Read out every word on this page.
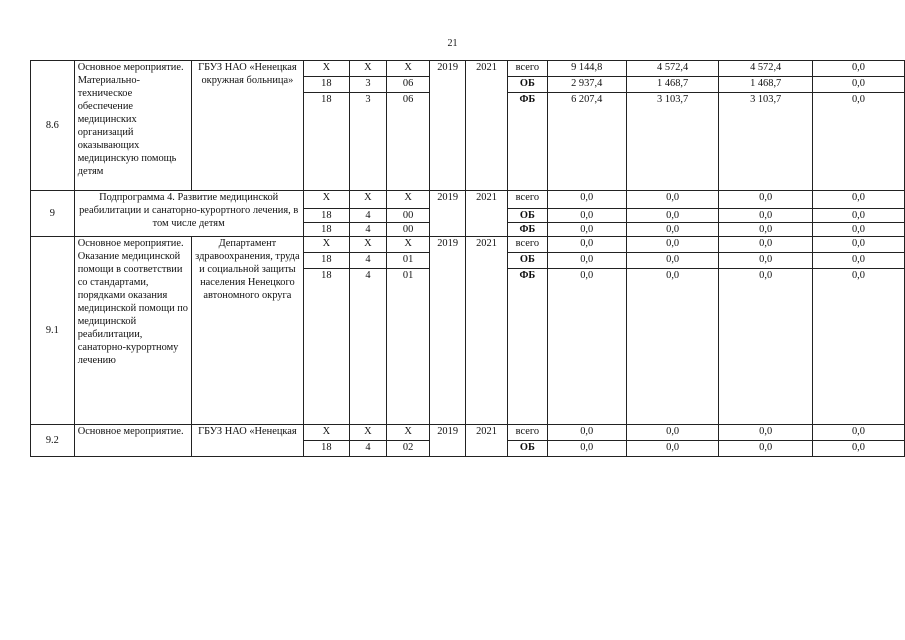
21
8.6	Основное мероприятие. Материально-техническое обеспечение медицинских организаций оказывающих медицинскую помощь детям	ГБУЗ НАО «Ненецкая окружная больница»	X	X	X	2019	2021	всего	9 144,8	4 572,4	4 572,4	0,0
			18	3	06			ОБ	2 937,4	1 468,7	1 468,7	0,0
			18	3	06			ФБ	6 207,4	3 103,7	3 103,7	0,0
9	Подпрограмма 4. Развитие медицинской реабилитации и санаторно-курортного лечения, в том числе детям		X	X	X	2019	2021	всего	0,0	0,0	0,0	0,0
			18	4	00			ОБ	0,0	0,0	0,0	0,0
			18	4	00			ФБ	0,0	0,0	0,0	0,0
9.1	Основное мероприятие. Оказание медицинской помощи в соответствии со стандартами, порядками оказания медицинской помощи по медицинской реабилитации, санаторно-курортному лечению	Департамент здравоохранения, труда и социальной защиты населения Ненецкого автономного округа	X	X	X	2019	2021	всего	0,0	0,0	0,0	0,0
			18	4	01			ОБ	0,0	0,0	0,0	0,0
			18	4	01			ФБ	0,0	0,0	0,0	0,0
9.2	Основное мероприятие.	ГБУЗ НАО «Ненецкая	X	X	X	2019	2021	всего	0,0	0,0	0,0	0,0
			18	4	02			ОБ	0,0	0,0	0,0	0,0
